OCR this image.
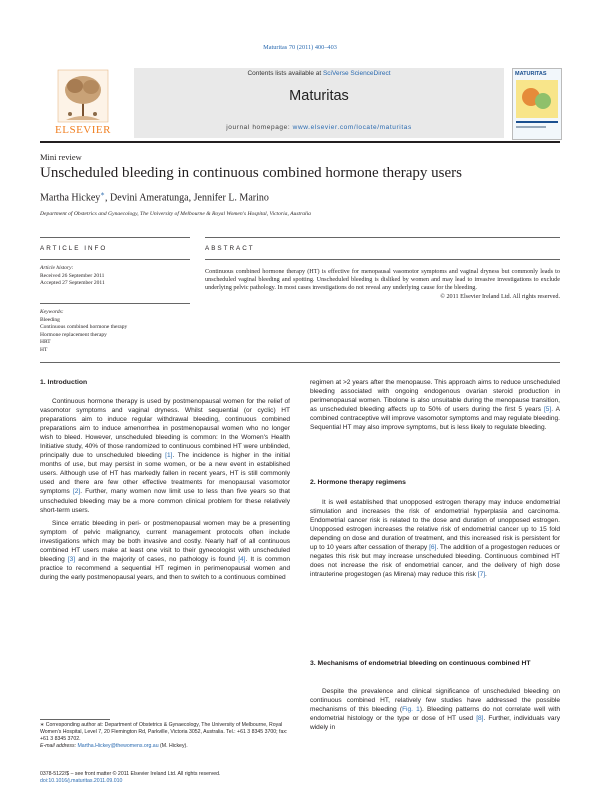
Maturitas 70 (2011) 400–403
ELSEVIER
Contents lists available at SciVerse ScienceDirect
Maturitas
journal homepage: www.elsevier.com/locate/maturitas
MATURITAS
Mini review
Unscheduled bleeding in continuous combined hormone therapy users
Martha Hickey∗, Devini Ameratunga, Jennifer L. Marino
Department of Obstetrics and Gynaecology, The University of Melbourne & Royal Women's Hospital, Victoria, Australia
ARTICLE INFO	ABSTRACT
Article history:
Received 26 September 2011
Accepted 27 September 2011
Keywords:
Bleeding
Continuous combined hormone therapy
Hormone replacement therapy
HRT
HT
Continuous combined hormone therapy (HT) is effective for menopausal vasomotor symptoms and vaginal dryness but commonly leads to unscheduled vaginal bleeding and spotting. Unscheduled bleeding is disliked by women and may lead to invasive investigations to exclude underlying pelvic pathology. In most cases investigations do not reveal any underlying cause for the bleeding.
© 2011 Elsevier Ireland Ltd. All rights reserved.
1. Introduction

Continuous hormone therapy is used by postmenopausal women for the relief of vasomotor symptoms and vaginal dryness. Whilst sequential (or cyclic) HT preparations aim to induce regular withdrawal bleeding, continuous combined preparations aim to induce amenorrhea in postmenopausal women who no longer wish to bleed. However, unscheduled bleeding is common: In the Women's Health Initiative study, 40% of those randomized to continuous combined HT were unblinded, principally due to unscheduled bleeding [1]. The incidence is higher in the initial months of use, but may persist in some women, or be a new event in established users. Although use of HT has markedly fallen in recent years, HT is still commonly used and there are few other effective treatments for menopausal vasomotor symptoms [2]. Further, many women now limit use to less than five years so that unscheduled bleeding may be a more common clinical problem for these relatively short-term users.

Since erratic bleeding in peri- or postmenopausal women may be a presenting symptom of pelvic malignancy, current management protocols often include investigations which may be both invasive and costly. Nearly half of all continuous combined HT users make at least one visit to their gynecologist with unscheduled bleeding [3] and in the majority of cases, no pathology is found [4]. It is common practice to recommend a sequential HT regimen in perimenopausal women and during the early postmenopausal years, and then to switch to a continuous combined

∗ Corresponding author at: Department of Obstetrics & Gynaecology, The University of Melbourne, Royal Women's Hospital, Level 7, 20 Flemington Rd, Parkville, Victoria 3052, Australia. Tel.: +61 3 8345 3700; fax: +61 3 8345 3702.
E-mail address: Martha.Hickey@thewomens.org.au (M. Hickey).
0378-5122/$ – see front matter © 2011 Elsevier Ireland Ltd. All rights reserved.
doi:10.1016/j.maturitas.2011.09.010

regimen at >2 years after the menopause. This approach aims to reduce unscheduled bleeding associated with ongoing endogenous ovarian steroid production in perimenopausal women. Tibolone is also unsuitable during the menopause transition, as unscheduled bleeding affects up to 50% of users during the first 5 years [5]. A combined contraceptive will improve vasomotor symptoms and may regulate bleeding. Sequential HT may also improve symptoms, but is less likely to regulate bleeding.

2. Hormone therapy regimens

It is well established that unopposed estrogen therapy may induce endometrial stimulation and increases the risk of endometrial hyperplasia and carcinoma. Endometrial cancer risk is related to the dose and duration of unopposed estrogen. Unopposed estrogen increases the relative risk of endometrial cancer up to 15 fold depending on dose and duration of treatment, and this increased risk is persistent for up to 10 years after cessation of therapy [6]. The addition of a progestogen reduces or negates this risk but may increase unscheduled bleeding. Continuous combined HT does not increase the risk of endometrial cancer, and the delivery of high dose intrauterine progestogen (as Mirena) may reduce this risk [7].

3. Mechanisms of endometrial bleeding on continuous combined HT

Despite the prevalence and clinical significance of unscheduled bleeding on continuous combined HT, relatively few studies have addressed the possible mechanisms of this bleeding (Fig. 1). Bleeding patterns do not correlate well with endometrial histology or the type or dose of HT used [8]. Further, individuals vary widely in
